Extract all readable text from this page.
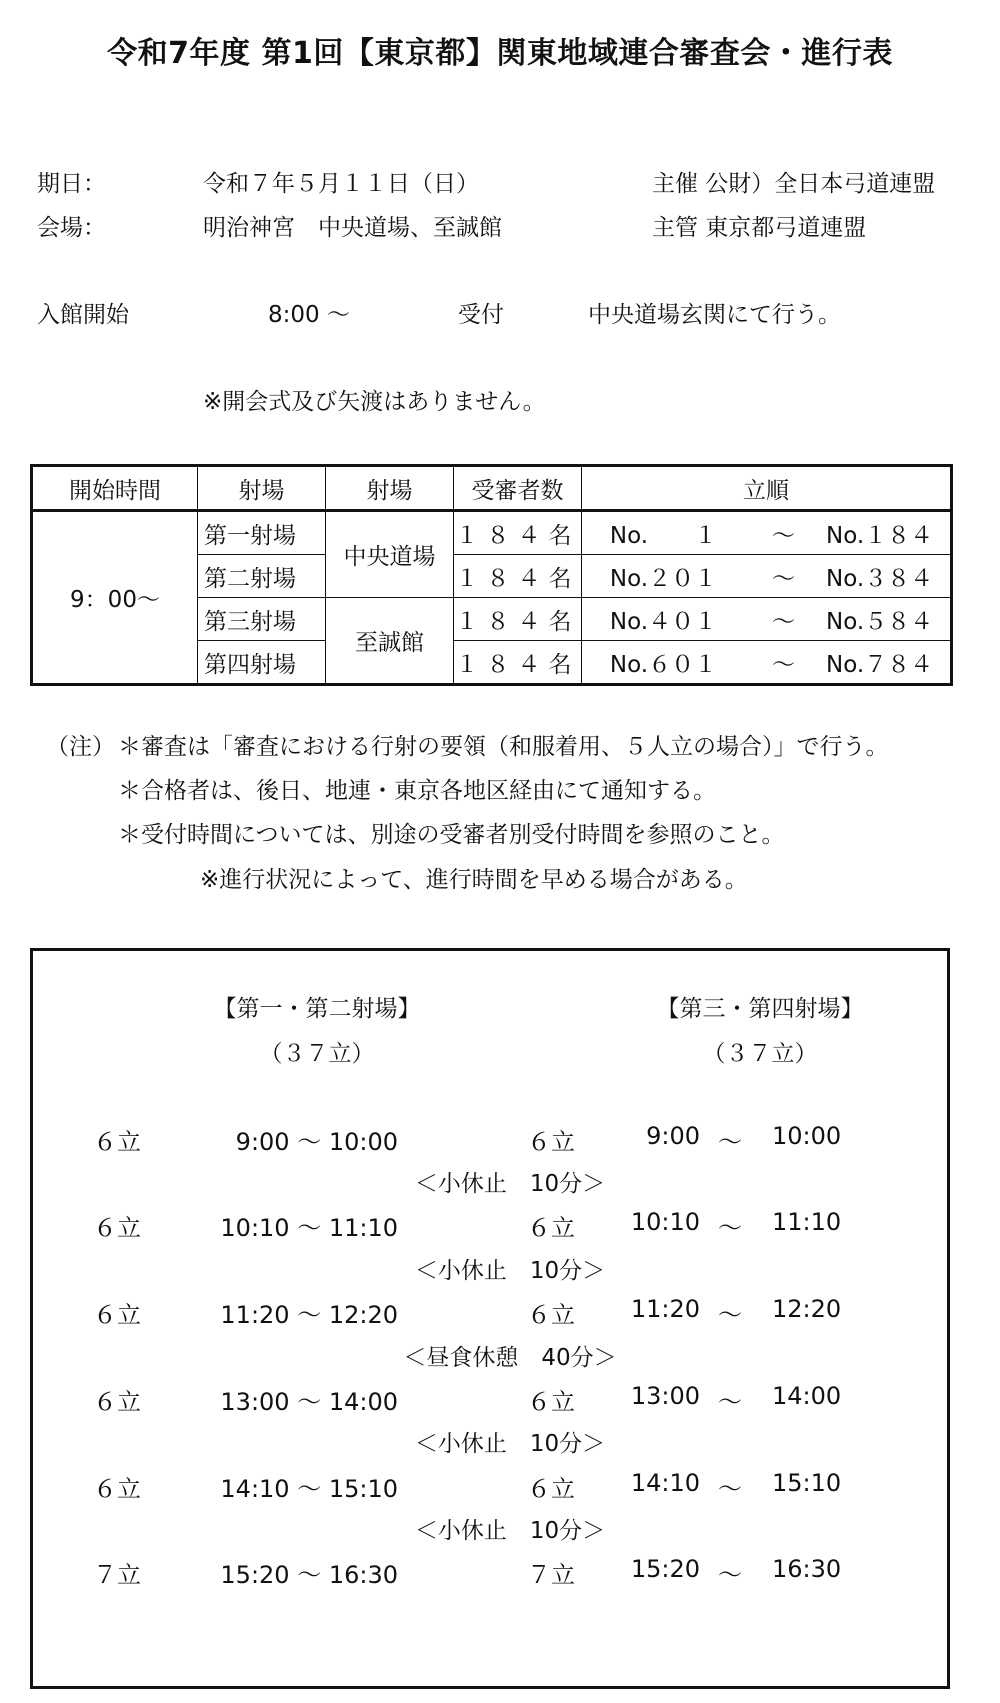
令和7年度 第1回【東京都】関東地域連合審査会・進行表
期日：	令和７年５月１１日（日）	主催 公財）全日本弓道連盟
会場：	明治神宮　中央道場、至誠館	主管 東京都弓道連盟
入館開始	8:00 ～	受付	中央道場玄関にて行う。
※開会式及び矢渡はありません。
開始時間	射場	射場	受審者数	立順
9：00～	第一射場	中央道場	１８４名	No.　　１ ～ No.１８４

	第二射場		１８４名	No.２０１ ～ No.３８４

	第三射場	至誠館	１８４名	No.４０１ ～ No.５８４

	第四射場		１８４名	No.６０１ ～ No.７８４
（注） ＊審査は「審査における行射の要領（和服着用、５人立の場合）」で行う。
＊合格者は、後日、地連・東京各地区経由にて通知する。
＊受付時間については、別途の受審者別受付時間を参照のこと。
※進行状況によって、進行時間を早める場合がある。
【第一・第二射場】
（３７立）
【第三・第四射場】
（３７立）
６立	9:00 ～ 10:00	６立	9:00 ～ 10:00
＜小休止　10分＞
６立	10:10 ～ 11:10	６立	10:10 ～ 11:10
＜小休止　10分＞
６立	11:20 ～ 12:20	６立	11:20 ～ 12:20
＜昼食休憩　40分＞
６立	13:00 ～ 14:00	６立	13:00 ～ 14:00
＜小休止　10分＞
６立	14:10 ～ 15:10	６立	14:10 ～ 15:10
＜小休止　10分＞
７立	15:20 ～ 16:30	７立	15:20 ～ 16:30
